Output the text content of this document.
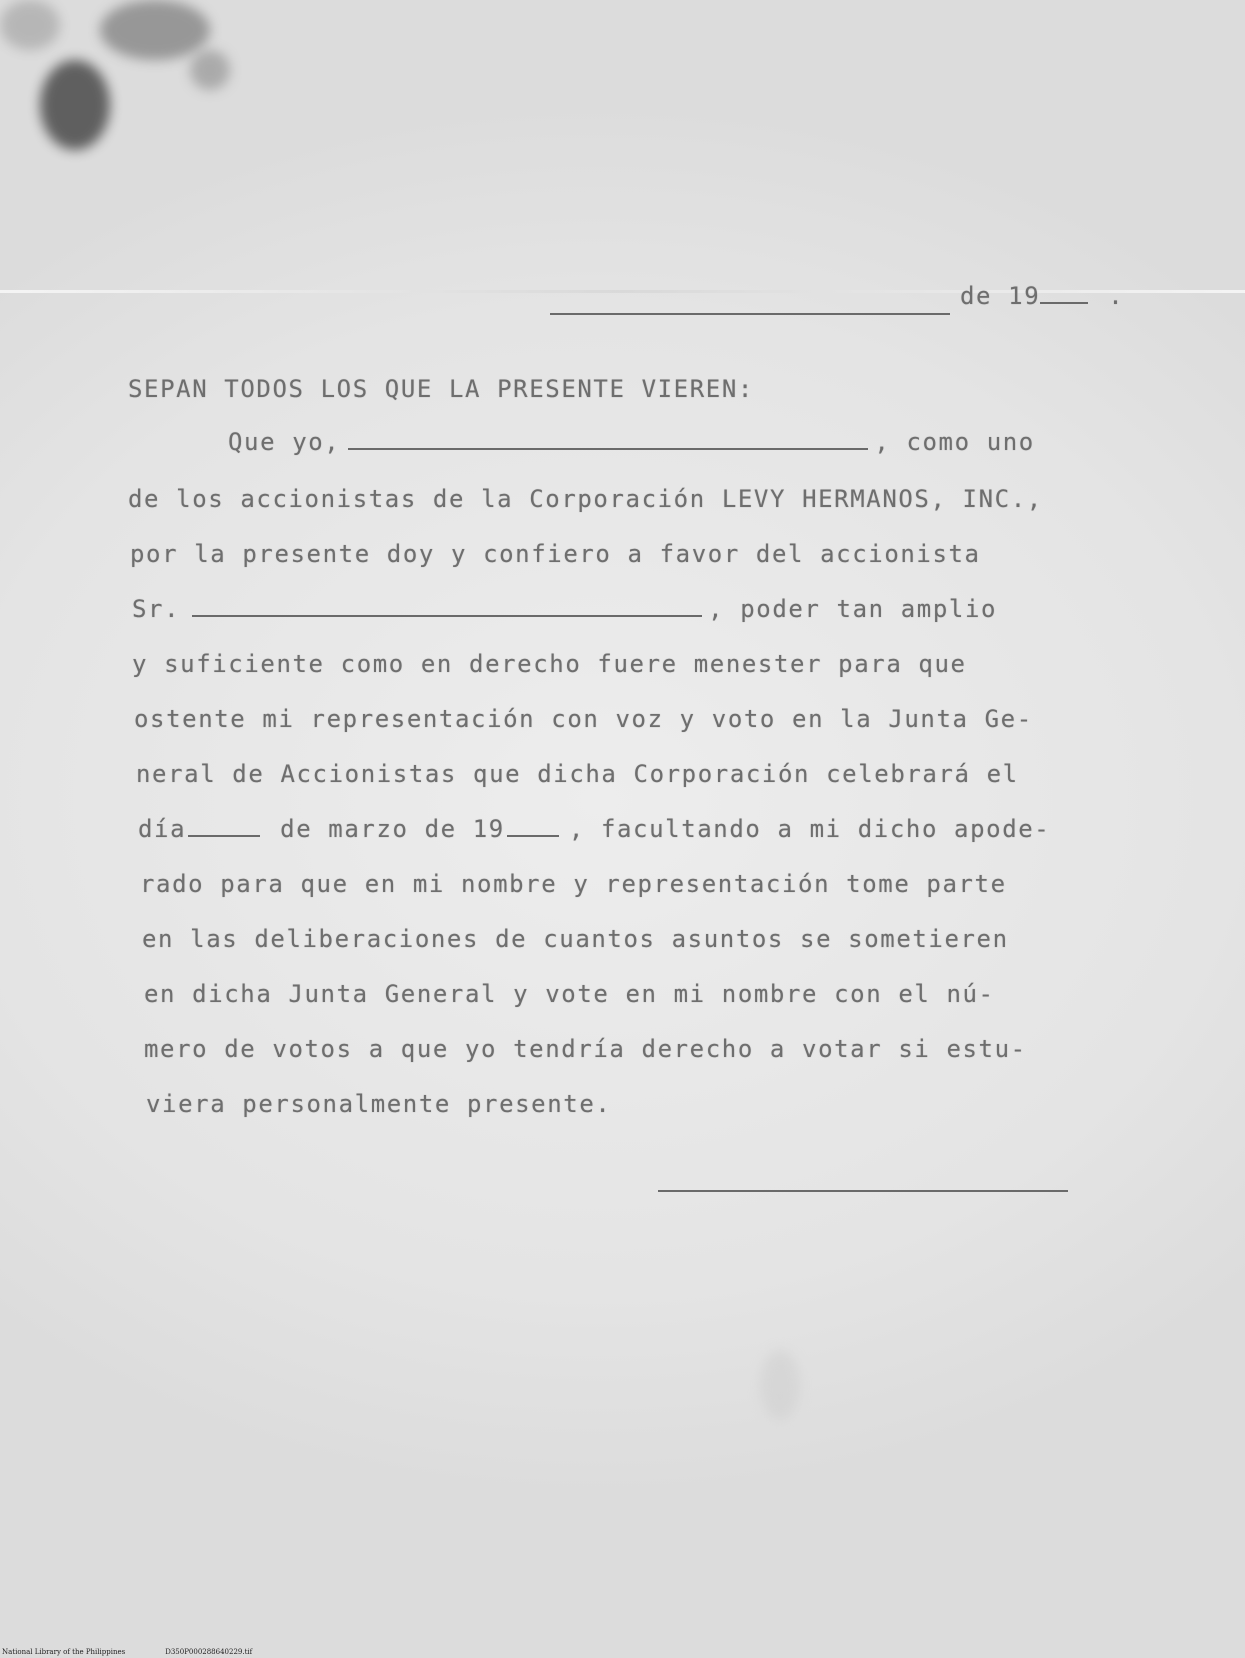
de 19	.
SEPAN TODOS LOS QUE LA PRESENTE VIEREN:
Que yo,	, como uno
de los accionistas de la Corporación LEVY HERMANOS, INC.,
por la presente doy y confiero a favor del accionista
Sr.	, poder tan amplio
y suficiente como en derecho fuere menester para que
ostente mi representación con voz y voto en la Junta Ge-
neral de Accionistas que dicha Corporación celebrará el
día	de marzo de 19	, facultando a mi dicho apode-
rado para que en mi nombre y representación tome parte
en las deliberaciones de cuantos asuntos se sometieren
en dicha Junta General y vote en mi nombre con el nú-
mero de votos a que yo tendría derecho a votar si estu-
viera personalmente presente.
National Library of the Philippines	D350P000288640229.tif
